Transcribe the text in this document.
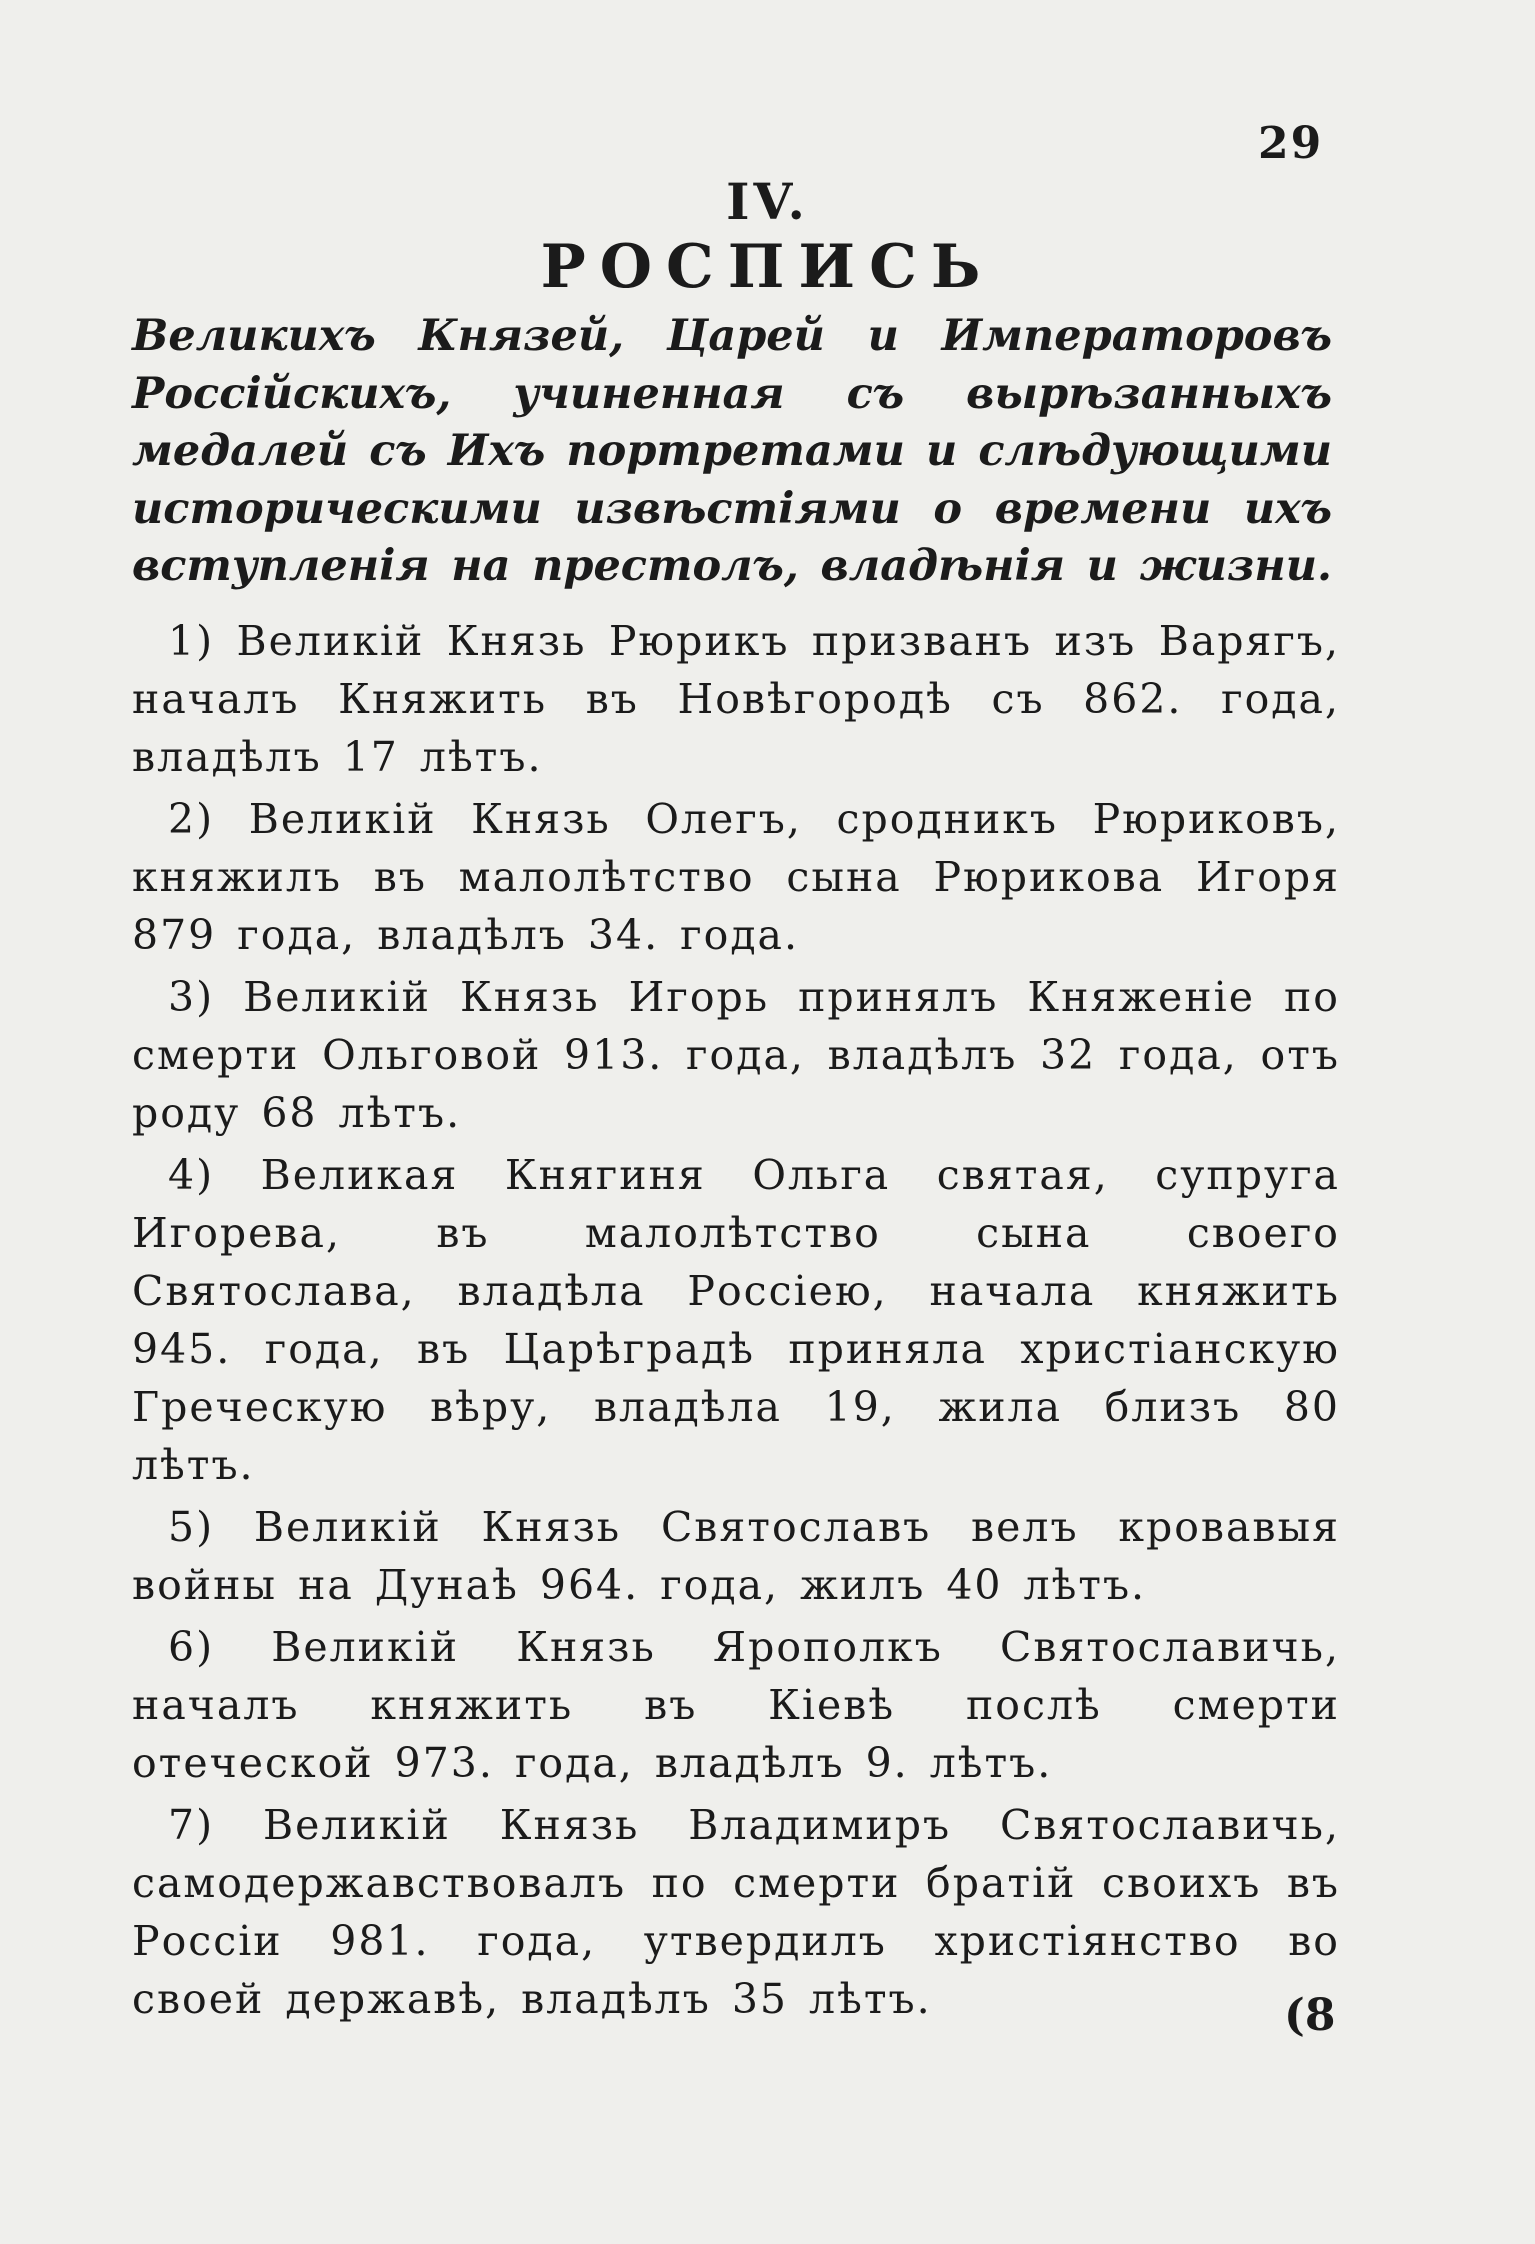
29
IV.
РОСПИСЬ

Великихъ Князей, Царей и Императоровъ Россiйскихъ, учиненная съ вырѣзанныхъ медалей съ Ихъ портретами и слѣдующими историческими извѣстiями о времени ихъ вступленiя на престолъ, владѣнiя и жизни.

1) Великiй Князь Рюрикъ призванъ изъ Варягъ, началъ Княжить въ Новѣгородѣ съ 862. года, владѣлъ 17 лѣтъ.

2) Великiй Князь Олегъ, сродникъ Рюриковъ, княжилъ въ малолѣтство сына Рюрикова Игоря 879 года, владѣлъ 34. года.

3) Великiй Князь Игорь принялъ Княженiе по смерти Ольговой 913. года, владѣлъ 32 года, отъ роду 68 лѣтъ.

4) Великая Княгиня Ольга святая, супруга Игорева, въ малолѣтство сына своего Святослава, владѣла Россiею, начала княжить 945. года, въ Царѣградѣ приняла христiанскую Греческую вѣру, владѣла 19, жила близъ 80 лѣтъ.

5) Великiй Князь Святославъ велъ кровавыя войны на Дунаѣ 964. года, жилъ 40 лѣтъ.

6) Великiй Князь Ярополкъ Святославичь, началъ княжить въ Кiевѣ послѣ смерти отеческой 973. года, владѣлъ 9. лѣтъ.

7) Великiй Князь Владимиръ Святославичь, самодержавствовалъ по смерти братiй своихъ въ Россiи 981. года, утвердилъ христiянство во своей державѣ, владѣлъ 35 лѣтъ.	(8
